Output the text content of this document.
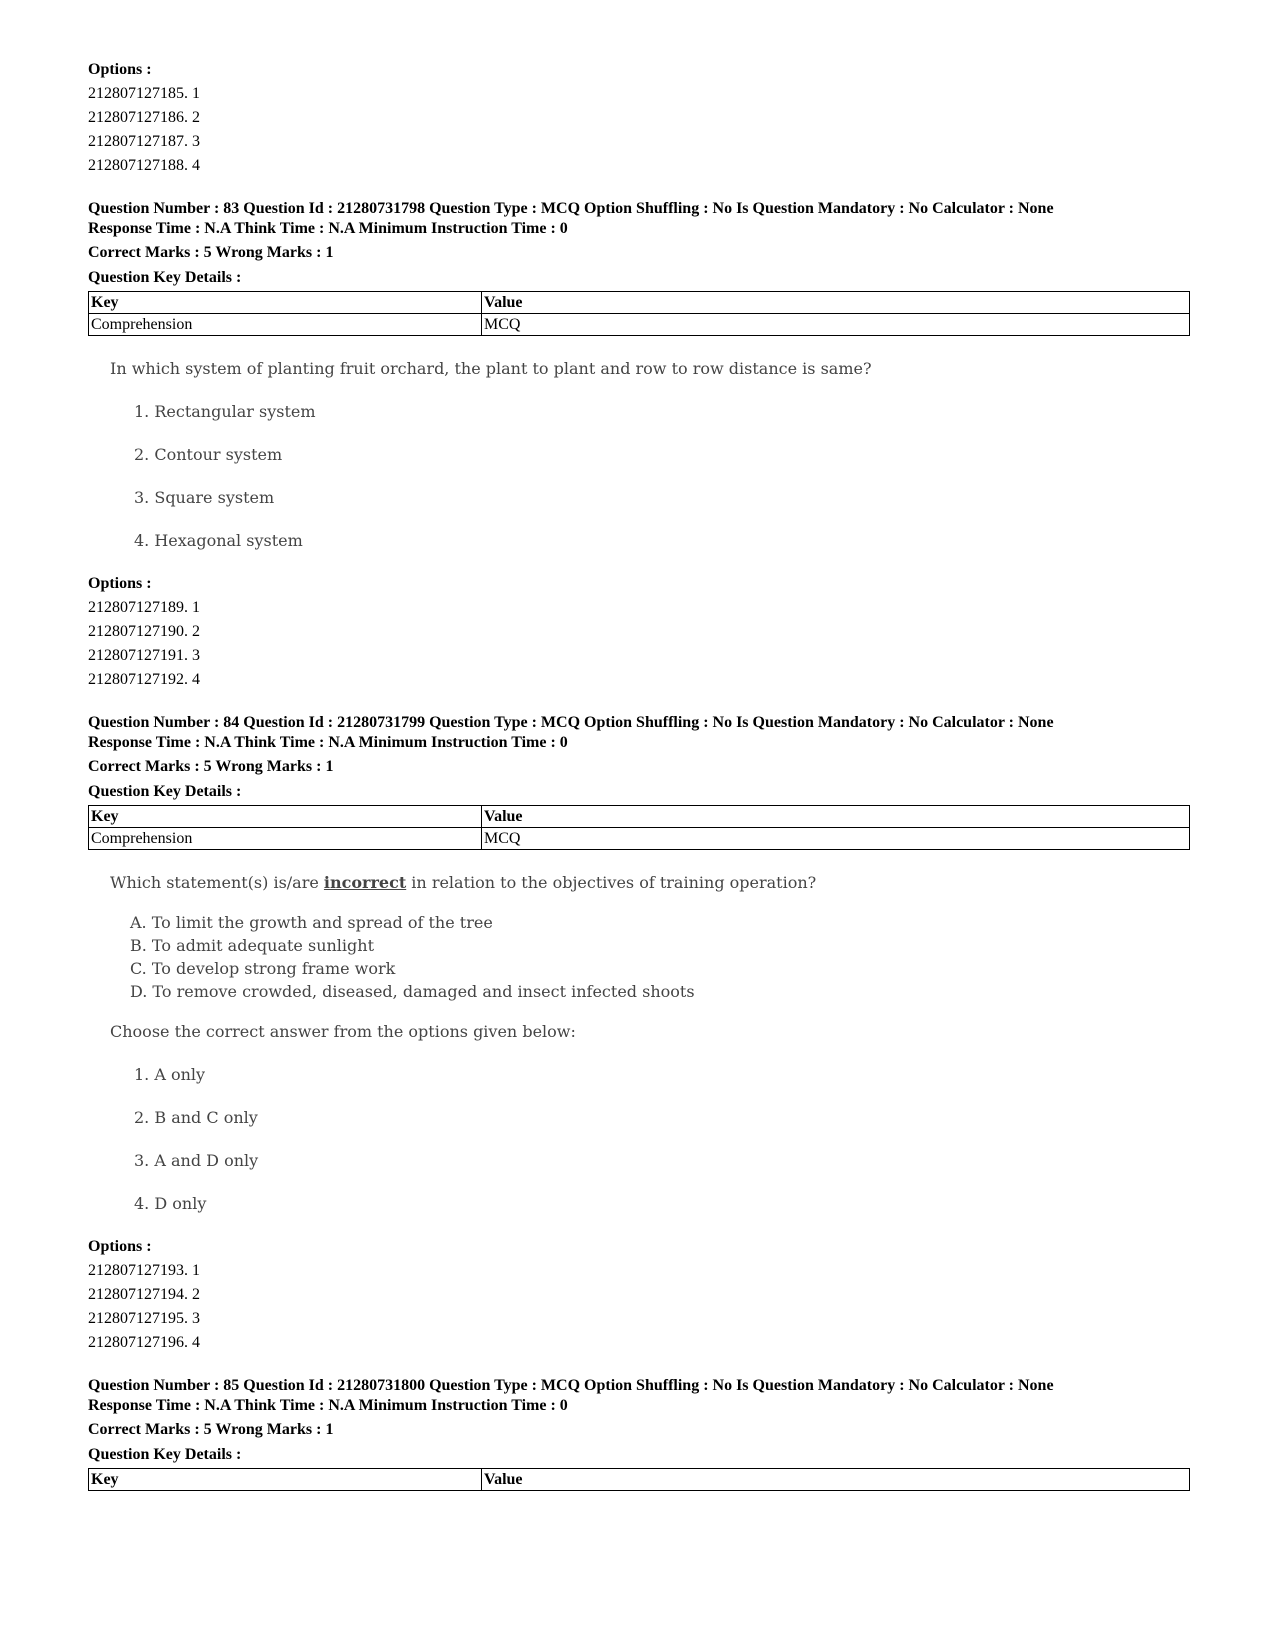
Options :
212807127185. 1
212807127186. 2
212807127187. 3
212807127188. 4
Question Number : 83 Question Id : 21280731798 Question Type : MCQ Option Shuffling : No Is Question Mandatory : No Calculator : None
Response Time : N.A Think Time : N.A Minimum Instruction Time : 0
Correct Marks : 5 Wrong Marks : 1
Question Key Details :
Key	Value
Comprehension	MCQ
In which system of planting fruit orchard, the plant to plant and row to row distance is same?
1. Rectangular system
2. Contour system
3. Square system
4. Hexagonal system
Options :
212807127189. 1
212807127190. 2
212807127191. 3
212807127192. 4
Question Number : 84 Question Id : 21280731799 Question Type : MCQ Option Shuffling : No Is Question Mandatory : No Calculator : None
Response Time : N.A Think Time : N.A Minimum Instruction Time : 0
Correct Marks : 5 Wrong Marks : 1
Question Key Details :
Key	Value
Comprehension	MCQ
Which statement(s) is/are incorrect in relation to the objectives of training operation?
A. To limit the growth and spread of the tree
B. To admit adequate sunlight
C. To develop strong frame work
D. To remove crowded, diseased, damaged and insect infected shoots
Choose the correct answer from the options given below:
1. A only
2. B and C only
3. A and D only
4. D only
Options :
212807127193. 1
212807127194. 2
212807127195. 3
212807127196. 4
Question Number : 85 Question Id : 21280731800 Question Type : MCQ Option Shuffling : No Is Question Mandatory : No Calculator : None
Response Time : N.A Think Time : N.A Minimum Instruction Time : 0
Correct Marks : 5 Wrong Marks : 1
Question Key Details :
Key	Value
